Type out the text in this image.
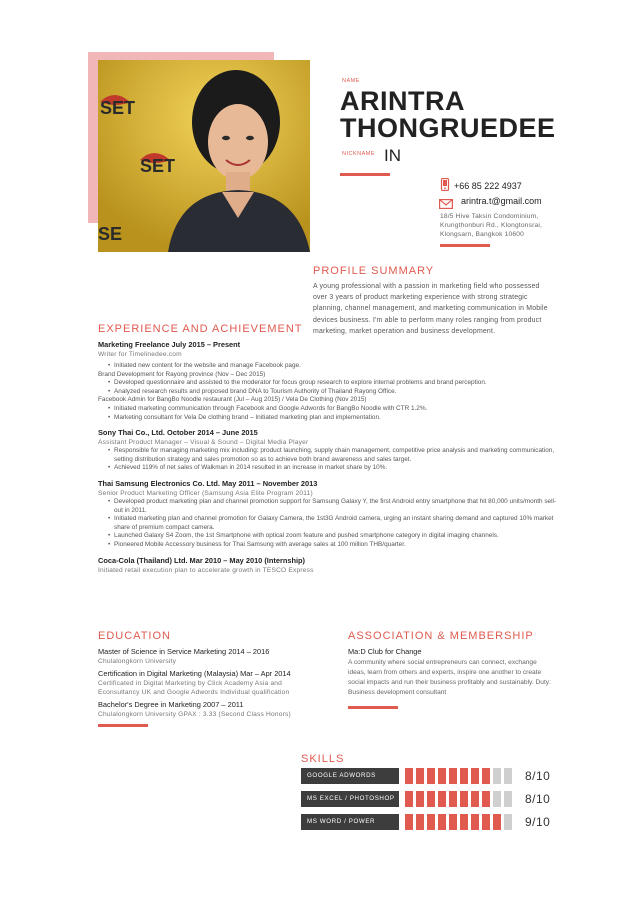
SET
SET
SE
NAME
ARINTRA
THONGRUEDEE
NICKNAME IN
+66 85 222 4937
arintra.t@gmail.com
18/5 Hive Taksin Condominium,
Krungthonburi Rd., Klongtonsrai,
Klongsarn, Bangkok 10600
PROFILE SUMMARY
A young professional with a passion in marketing field who possessed over 3 years of product marketing experience with strong strategic planning, channel management, and marketing communication in Mobile devices business. I'm able to perform many roles ranging from product marketing, market operation and business development.
EXPERIENCE AND ACHIEVEMENT
Marketing Freelance July 2015 – Present
Writer for Timelinedee.com
• Initiated new content for the website and manage Facebook page.
Brand Development for Rayong province (Nov – Dec 2015)
• Developed questionnaire and assisted to the moderator for focus group research to explore internal problems and brand perception.
• Analyzed research results and proposed brand DNA to Tourism Authority of Thailand Rayong Office.
Facebook Admin for BangBo Noodle restaurant (Jul – Aug 2015) / Vela De Clothing (Nov 2015)
• Initiated marketing communication through Facebook and Google Adwords for BangBo Noodle with CTR 1.2%.
• Marketing consultant for Vela De clothing brand – Initiated marketing plan and implementation.
Sony Thai Co., Ltd. October 2014 – June 2015
Assistant Product Manager – Visual & Sound – Digital Media Player
• Responsible for managing marketing mix including: product launching, supply chain management, competitive price analysis and marketing communication, setting distribution strategy and sales promotion so as to achieve both brand awareness and sales target.
• Achieved 119% of net sales of Walkman in 2014 resulted in an increase in market share by 10%.
Thai Samsung Electronics Co. Ltd. May 2011 – November 2013
Senior Product Marketing Officer (Samsung Asia Elite Program 2011)
• Developed product marketing plan and channel promotion support for Samsung Galaxy Y, the first Android entry smartphone that hit 80,000 units/month sell-out in 2011.
• Initiated marketing plan and channel promotion for Galaxy Camera, the 1st3G Android camera, urging an instant sharing demand and captured 10% market share of premium compact camera.
• Launched Galaxy S4 Zoom, the 1st Smartphone with optical zoom feature and pushed smartphone category in digital imaging channels.
• Pioneered Mobile Accessory business for Thai Samsung with average sales at 100 million THB/quarter.
Coca-Cola (Thailand) Ltd. Mar 2010 – May 2010 (Internship)
Initiated retail execution plan to accelerate growth in TESCO Express
EDUCATION
Master of Science in Service Marketing 2014 – 2016
Chulalongkorn University
Certification in Digital Marketing (Malaysia) Mar – Apr 2014
Certificated in Digital Marketing by Click Academy Asia and Econsultancy UK and Google Adwords Individual qualification
Bachelor's Degree in Marketing 2007 – 2011
Chulalongkorn University GPAX : 3.33 (Second Class Honors)
ASSOCIATION & MEMBERSHIP
Ma:D Club for Change
A community where social entrepreneurs can connect, exchange ideas, learn from others and experts, inspire one another to create social impacts and run their business profitably and sustainably. Duty: Business development consultant
SKILLS
GOOGLE ADWORDS	8/10
MS EXCEL / PHOTOSHOP	8/10
MS WORD / POWER POINT
9/10
